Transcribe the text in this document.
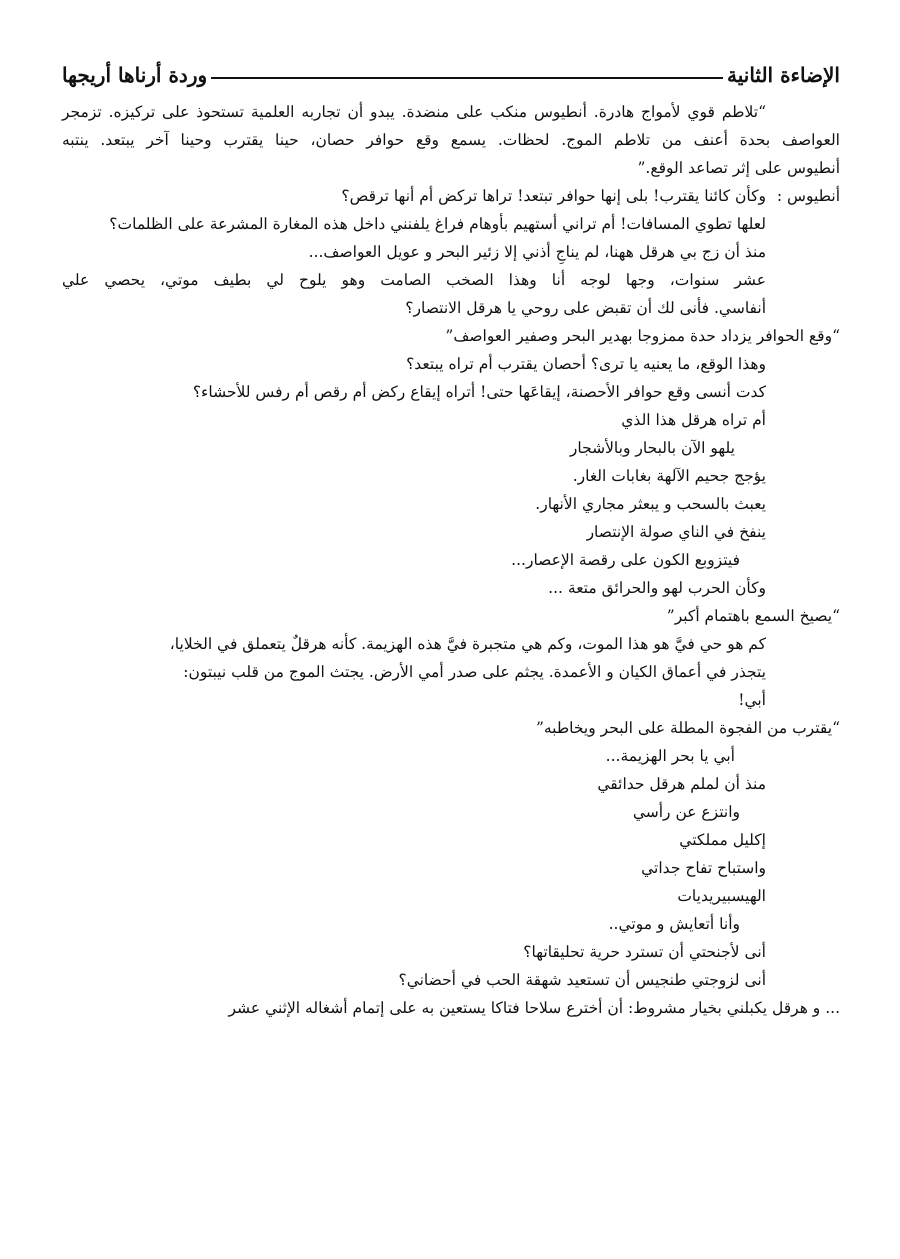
الإضاءة الثانية
وردة أرناها أريجها
“تلاطم قوي لأمواج هادرة. أنطيوس منكب على منضدة. يبدو أن تجاربه العلمية تستحوذ على تركيزه. تزمجر
العواصف بحدة أعنف من تلاطم الموج. لحظات. يسمع وقع حوافر حصان، حينا يقترب وحينا آخر يبتعد. ينتبه
أنطيوس على إثر تصاعد الوقع.”
أنطيوس :
وكأن كائنا يقترب! بلى إنها حوافر تبتعد! تراها تركض أم أنها ترقص؟
لعلها تطوي المسافات! أم تراني أستهيم بأوهام فراغ يلفنني داخل هذه المغارة المشرعة على الظلمات؟
منذ أن زج بي هرقل ههنا، لم يناجِ أذني إلا زئير البحر و عويل العواصف...
عشر سنوات، وجها لوجه أنا وهذا الصخب الصامت وهو يلوح لي بطيف موتي، يحصي علي
أنفاسي. فأنى لك أن تقبض على روحي يا هرقل الانتصار؟
“وقع الحوافر يزداد حدة ممزوجا بهدير البحر وصفير العواصف”
وهذا الوقع، ما يعنيه يا ترى؟ أحصان يقترب أم تراه يبتعد؟
كدت أنسى وقع حوافر الأحصنة، إيقاعَها حتى! أتراه إيقاع ركض أم رقص أم رفس للأحشاء؟
أم تراه هرقل هذا الذي
يلهو الآن بالبحار وبالأشجار
يؤجج جحيم الآلهة بغابات الغار.
يعبث بالسحب و يبعثر مجاري الأنهار.
ينفخ في الناي صولة الإنتصار
فيتزوبع الكون على رقصة الإعصار...
وكأن الحرب لهو والحرائق متعة ...
“يصيخ السمع باهتمام أكبر”
كم هو حي فيَّ هو هذا الموت، وكم هي متجبرة فيَّ هذه الهزيمة. كأنه هرقلٌ يتعملق في الخلايا،
يتجذر في أعماق الكيان و الأعمدة. يجثم على صدر أمي الأرض. يجتث الموج من قلب نيبتون:
أبي!
“يقترب من الفجوة المطلة على البحر ويخاطبه”
أبي يا بحر الهزيمة...
منذ أن لملم هرقل حدائقي
وانتزع عن رأسي
إكليل مملكتي
واستباح تفاح جداتي
الهيسبيريديات
وأنا أتعايش و موتي..
أنى لأجنحتي أن تسترد حرية تحليقاتها؟
أنى لزوجتي طنجيس أن تستعيد شهقة الحب في أحضاني؟
... و هرقل يكبلني بخيار مشروط: أن أخترع سلاحا فتاكا يستعين به على إتمام أشغاله الإثني عشر
